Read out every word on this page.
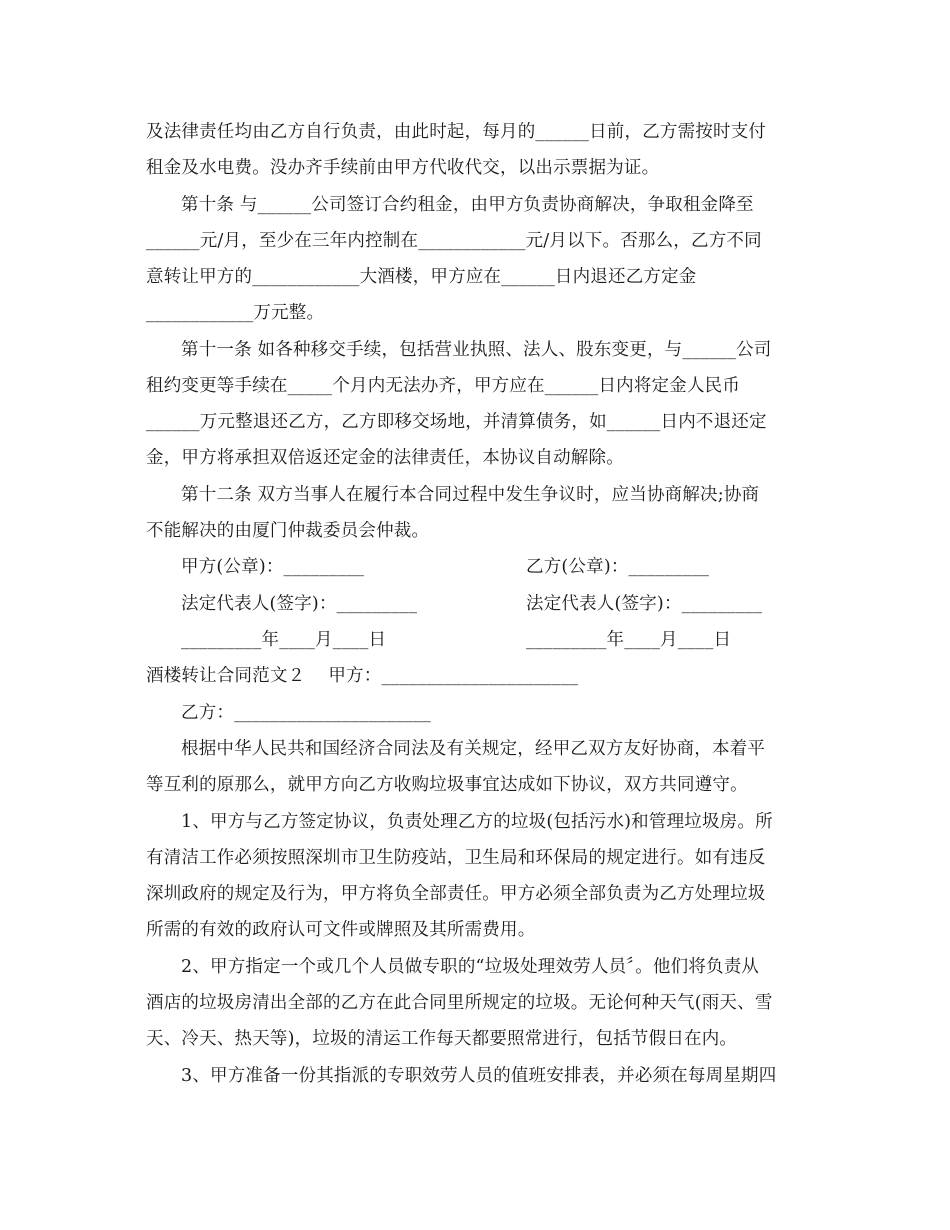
及法律责任均由乙方自行负责，由此时起，每月的______日前，乙方需按时支付
租金及水电费。没办齐手续前由甲方代收代交，以出示票据为证。
第十条 与______公司签订合约租金，由甲方负责协商解决，争取租金降至
______元/月，至少在三年内控制在____________元/月以下。否那么，乙方不同
意转让甲方的____________大酒楼，甲方应在______日内退还乙方定金
____________万元整。
第十一条 如各种移交手续，包括营业执照、法人、股东变更，与______公司
租约变更等手续在_____个月内无法办齐，甲方应在______日内将定金人民币
______万元整退还乙方，乙方即移交场地，并清算债务，如______日内不退还定
金，甲方将承担双倍返还定金的法律责任，本协议自动解除。
第十二条 双方当事人在履行本合同过程中发生争议时，应当协商解决;协商
不能解决的由厦门仲裁委员会仲裁。
甲方(公章)：_________	乙方(公章)：_________
法定代表人(签字)：_________	法定代表人(签字)：_________
_________年____月____日	_________年____月____日
酒楼转让合同范文２    甲方：______________________
乙方：______________________
根据中华人民共和国经济合同法及有关规定，经甲乙双方友好协商，本着平
等互利的原那么，就甲方向乙方收购垃圾事宜达成如下协议，双方共同遵守。
1、甲方与乙方签定协议，负责处理乙方的垃圾(包括污水)和管理垃圾房。所
有清洁工作必须按照深圳市卫生防疫站，卫生局和环保局的规定进行。如有违反
深圳政府的规定及行为，甲方将负全部责任。甲方必须全部负责为乙方处理垃圾
所需的有效的政府认可文件或牌照及其所需费用。
2、甲方指定一个或几个人员做专职的“垃圾处理效劳人员〞。他们将负责从
酒店的垃圾房清出全部的乙方在此合同里所规定的垃圾。无论何种天气(雨天、雪
天、冷天、热天等)，垃圾的清运工作每天都要照常进行，包括节假日在内。
3、甲方准备一份其指派的专职效劳人员的值班安排表，并必须在每周星期四
